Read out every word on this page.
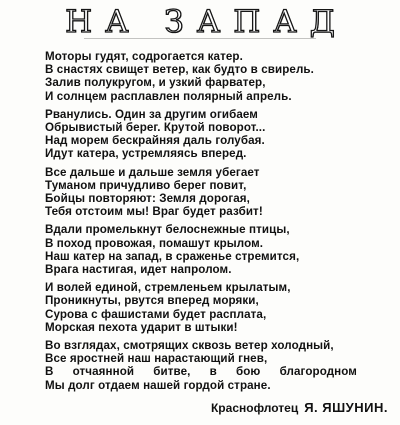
НА ЗАПАД
Моторы гудят, содрогается катер.
В снастях свищет ветер, как будто в свирель.
Залив полукругом, и узкий фарватер,
И солнцем расплавлен полярный апрель.
Рванулись. Один за другим огибаем
Обрывистый берег. Крутой поворот...
Над морем бескрайняя даль голубая.
Идут катера, устремляясь вперед.
Все дальше и дальше земля убегает
Туманом причудливо берег повит,
Бойцы повторяют: Земля дорогая,
Тебя отстоим мы! Враг будет разбит!
Вдали промелькнут белоснежные птицы,
В поход провожая, помашут крылом.
Наш катер на запад, в сраженье стремится,
Врага настигая, идет напролом.
И волей единой, стремленьем крылатым,
Проникнуты, рвутся вперед моряки,
Сурова с фашистами будет расплата,
Морская пехота ударит в штыки!
Во взглядах, смотрящих сквозь ветер холодный,
Все яростней наш нарастающий гнев,
В отчаянной битве, в бою благородном
Мы долг отдаем нашей гордой стране.
Краснофлотец Я. ЯШУНИН.
